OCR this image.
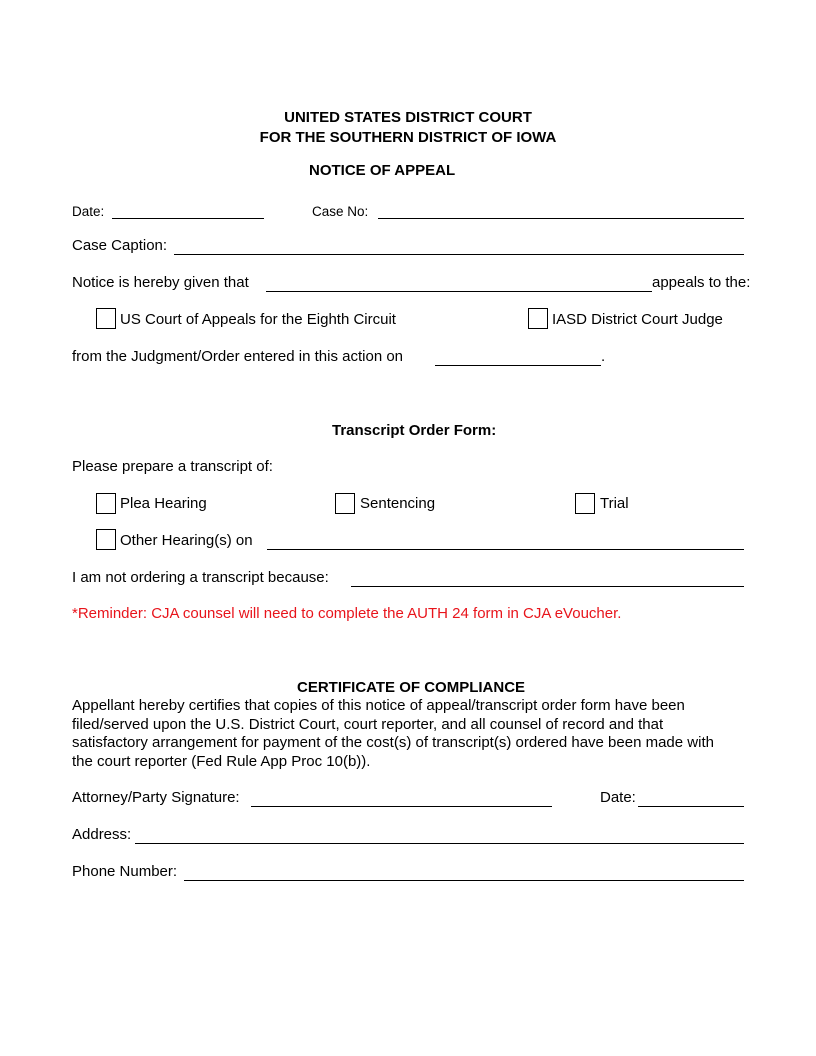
UNITED STATES DISTRICT COURT
FOR THE SOUTHERN DISTRICT OF IOWA
NOTICE OF APPEAL
Date:	Case No:
Case Caption:
Notice is hereby given that	appeals to the:
US Court of Appeals for the Eighth Circuit	IASD District Court Judge
from the Judgment/Order entered in this action on	.
Transcript Order Form:
Please prepare a transcript of:
Plea Hearing	Sentencing	Trial
Other Hearing(s) on
I am not ordering a transcript because:
*Reminder: CJA counsel will need to complete the AUTH 24 form in CJA eVoucher.
CERTIFICATE OF COMPLIANCE
Appellant hereby certifies that copies of this notice of appeal/transcript order form have been
filed/served upon the U.S. District Court, court reporter, and all counsel of record and that
satisfactory arrangement for payment of the cost(s) of transcript(s) ordered have been made with
the court reporter (Fed Rule App Proc 10(b)).
Attorney/Party Signature:	Date:
Address:
Phone Number:
